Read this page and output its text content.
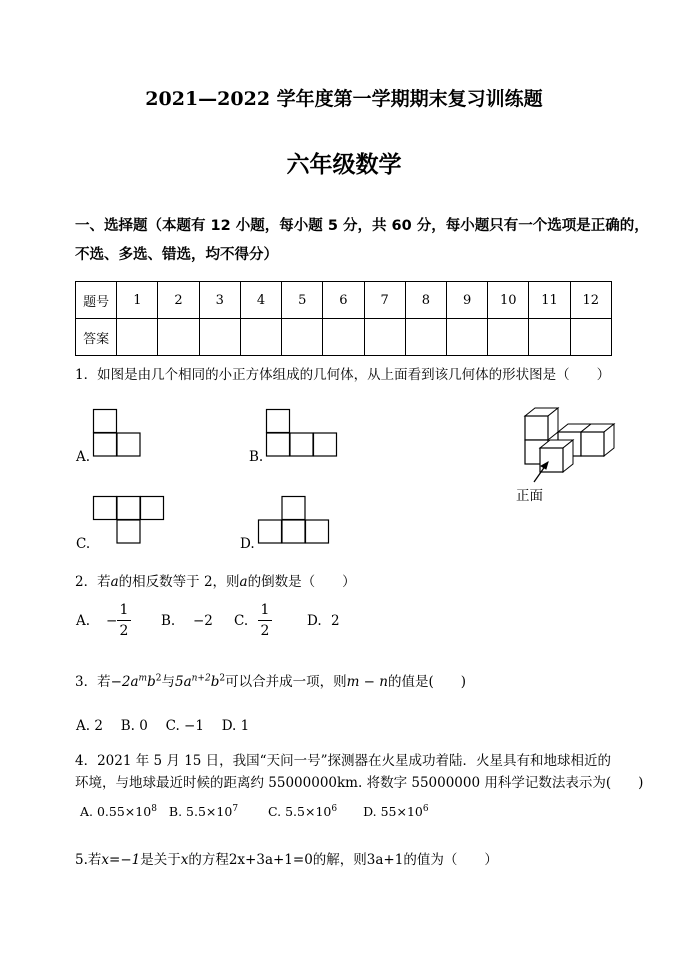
2021—2022 学年度第一学期期末复习训练题
六年级数学
一、选择题（本题有 12 小题，每小题 5 分，共 60 分，每小题只有一个选项是正确的，
不选、多选、错选，均不得分）
题号	1	2	3	4	5	6	7	8	9	10	11	12
答案												
1．如图是由几个相同的小正方体组成的几何体，从上面看到该几何体的形状图是（　　）
A.	B.
正面
C.	D.
2．若a的相反数等于 2，则a的倒数是（　　）
A. −
1
2
B. −2 C.
1
2
D. 2
3．若$-2a^mb^2$与$5a^{n+2}b^2$可以合并成一项，则m − n的值是(　　)
A. 2　 B. 0　 C. −1　 D. 1
4．2021 年 5 月 15 日，我国“天问一号”探测器在火星成功着陆．火星具有和地球相近的
环境，与地球最近时候的距离约 55000000km. 将数字 55000000 用科学记数法表示为(　　)
A. $0.55\times 10^8$ B. $5.5\times 10^7$ C. $5.5\times 10^6$ D. $55\times 10^6$
5.若x=−1是关于x的方程2x+3a+1=0的解，则3a+1的值为（　　）
